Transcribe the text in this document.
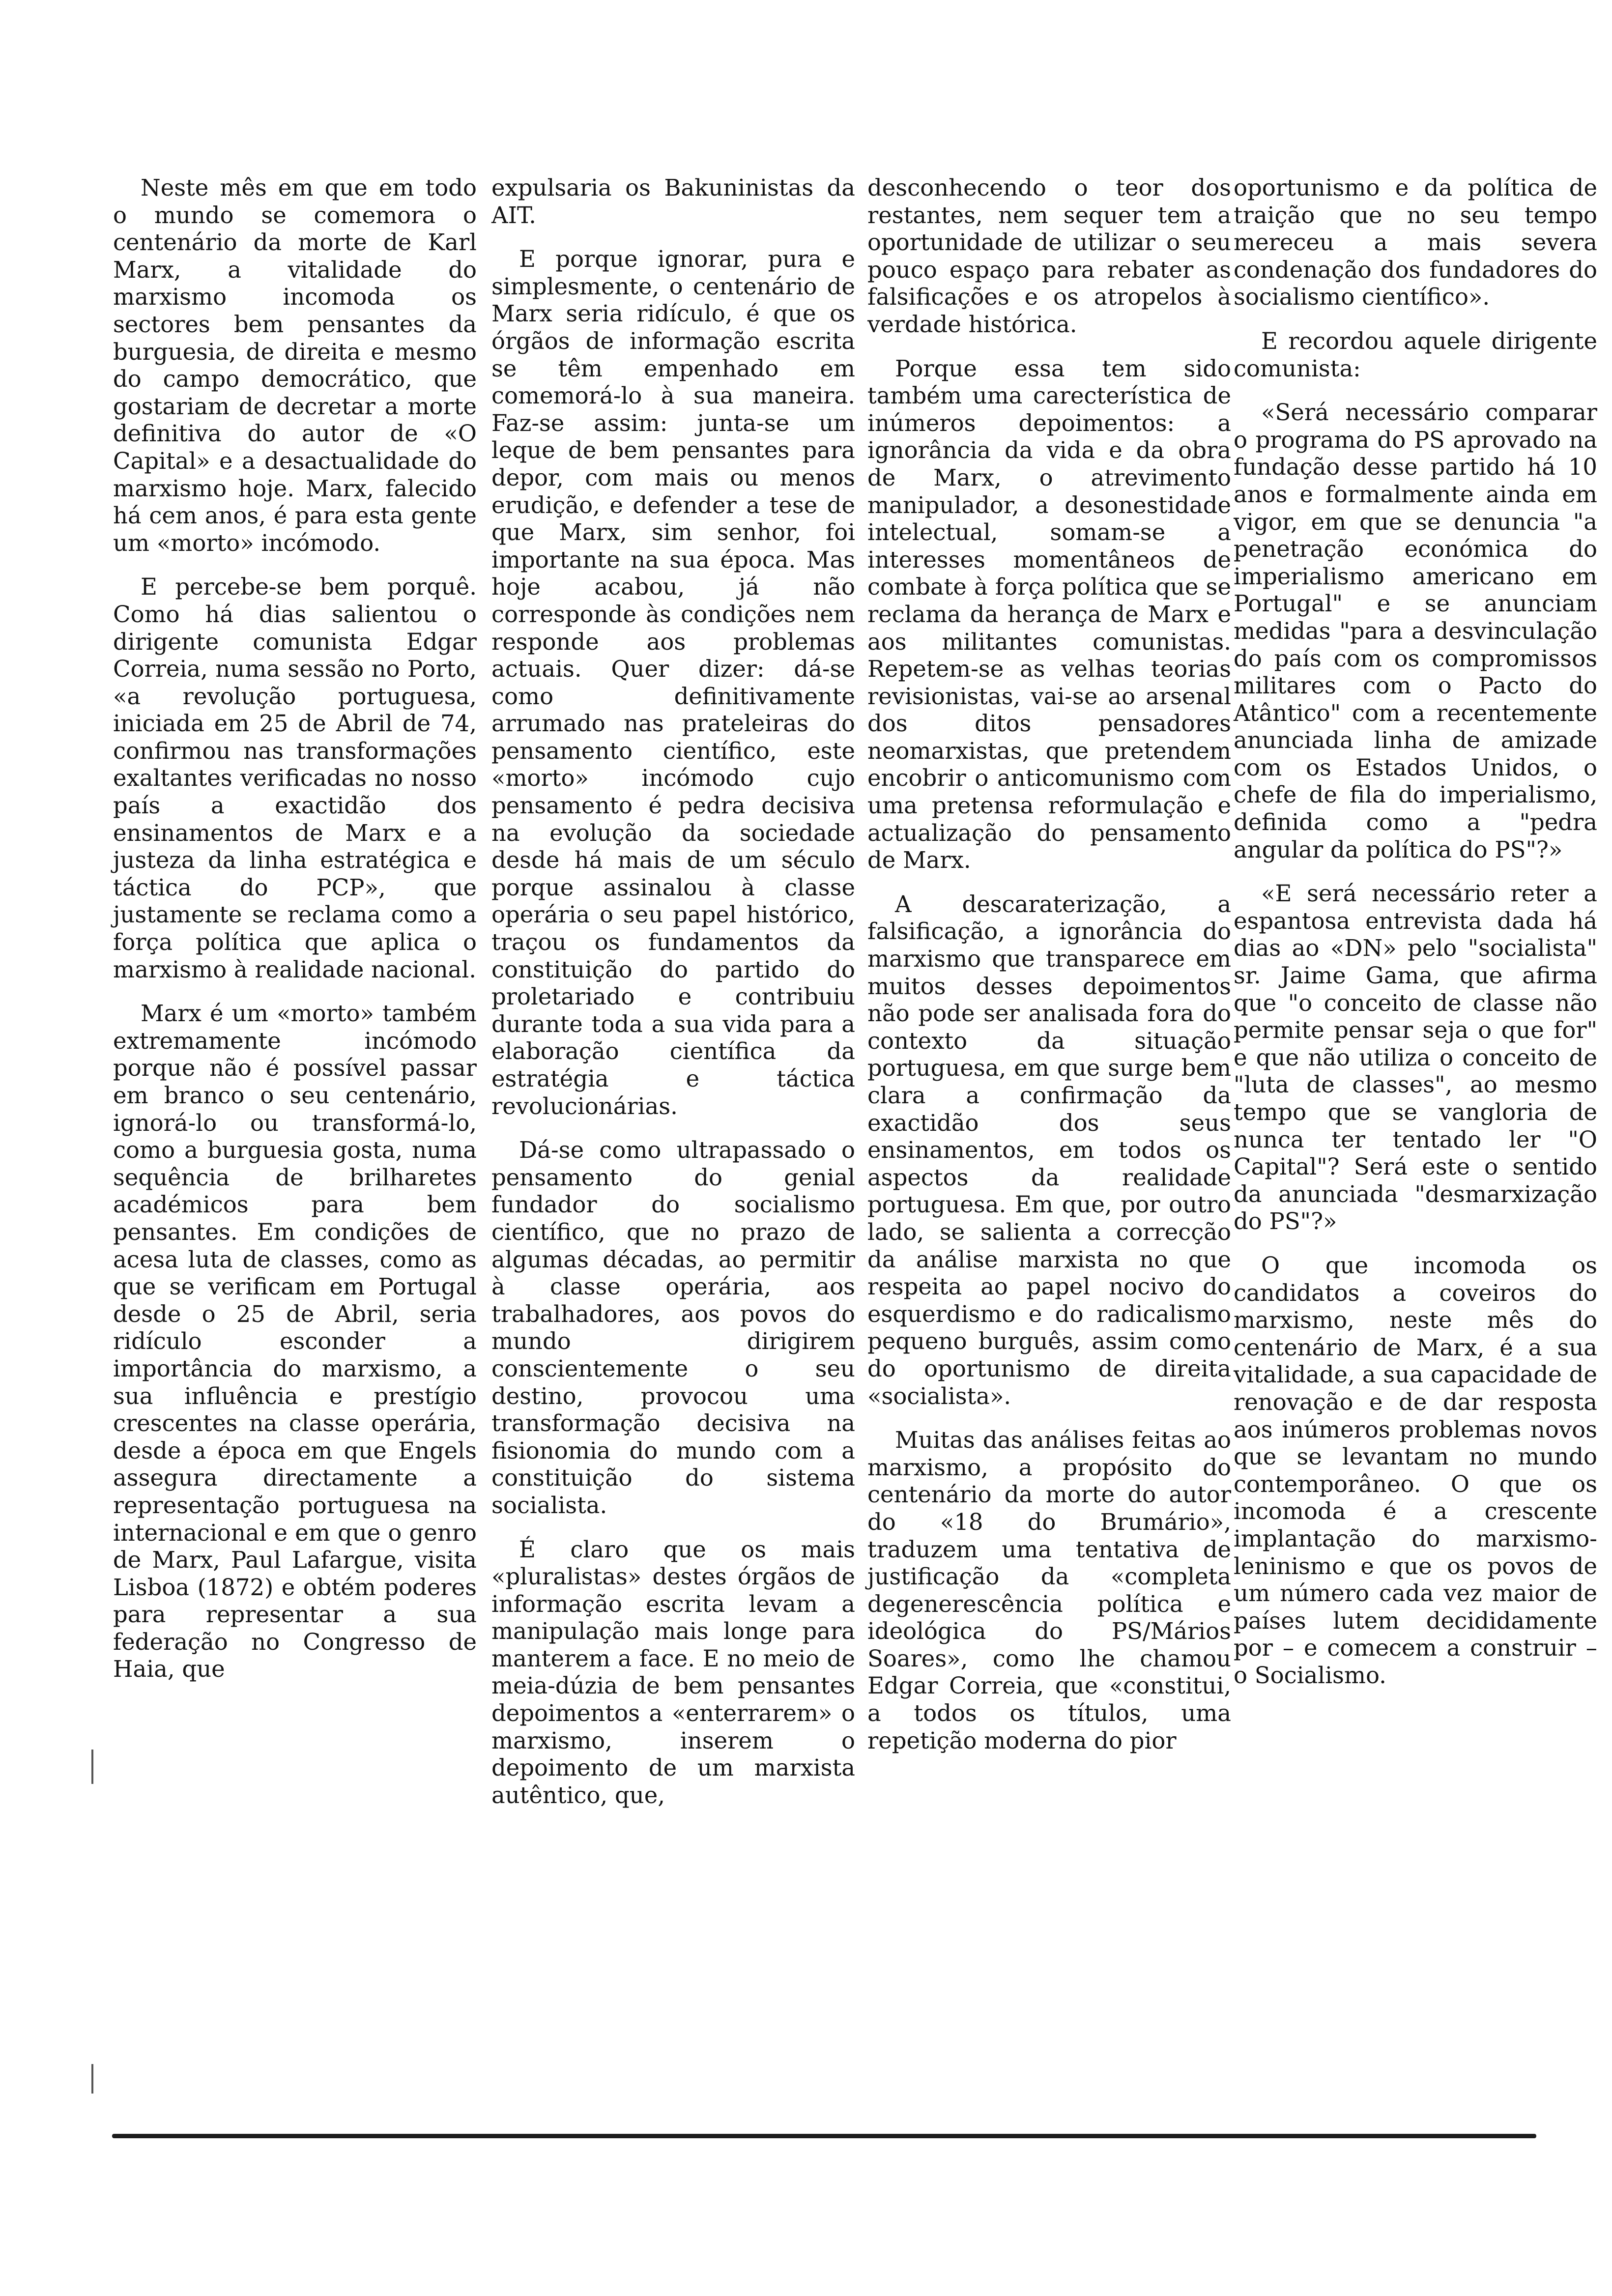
Neste mês em que em todo o mundo se comemora o centenário da morte de Karl Marx, a vitalidade do marxismo incomoda os sectores bem pensantes da burguesia, de direita e mesmo do campo democrático, que gostariam de decretar a morte definitiva do autor de «O Capital» e a desactualidade do marxismo hoje. Marx, falecido há cem anos, é para esta gente um «morto» incómodo.

E percebe-se bem porquê. Como há dias salientou o dirigente comunista Edgar Correia, numa sessão no Porto, «a revolução portuguesa, iniciada em 25 de Abril de 74, confirmou nas transformações exaltantes verificadas no nosso país a exactidão dos ensinamentos de Marx e a justeza da linha estratégica e táctica do PCP», que justamente se reclama como a força política que aplica o marxismo à realidade nacional.

Marx é um «morto» também extremamente incómodo porque não é possível passar em branco o seu centenário, ignorá-lo ou transformá-lo, como a burguesia gosta, numa sequência de brilharetes académicos para bem pensantes. Em condições de acesa luta de classes, como as que se verificam em Portugal desde o 25 de Abril, seria ridículo esconder a importância do marxismo, a sua influência e prestígio crescentes na classe operária, desde a época em que Engels assegura directamente a representação portuguesa na internacional e em que o genro de Marx, Paul Lafargue, visita Lisboa (1872) e obtém poderes para representar a sua federação no Congresso de Haia, que

expulsaria os Bakuninistas da AIT.

E porque ignorar, pura e simplesmente, o centenário de Marx seria ridículo, é que os órgãos de informação escrita se têm empenhado em comemorá-lo à sua maneira. Faz-se assim: junta-se um leque de bem pensantes para depor, com mais ou menos erudição, e defender a tese de que Marx, sim senhor, foi importante na sua época. Mas hoje acabou, já não corresponde às condições nem responde aos problemas actuais. Quer dizer: dá-se como definitivamente arrumado nas prateleiras do pensamento científico, este «morto» incómodo cujo pensamento é pedra decisiva na evolução da sociedade desde há mais de um século porque assinalou à classe operária o seu papel histórico, traçou os fundamentos da constituição do partido do proletariado e contribuiu durante toda a sua vida para a elaboração científica da estratégia e táctica revolucionárias.

Dá-se como ultrapassado o pensamento do genial fundador do socialismo científico, que no prazo de algumas décadas, ao permitir à classe operária, aos trabalhadores, aos povos do mundo dirigirem conscientemente o seu destino, provocou uma transformação decisiva na fisionomia do mundo com a constituição do sistema socialista.

É claro que os mais «pluralistas» destes órgãos de informação escrita levam a manipulação mais longe para manterem a face. E no meio de meia-dúzia de bem pensantes depoimentos a «enterrarem» o marxismo, inserem o depoimento de um marxista autêntico, que,

desconhecendo o teor dos restantes, nem sequer tem a oportunidade de utilizar o seu pouco espaço para rebater as falsificações e os atropelos à verdade histórica.

Porque essa tem sido também uma carecterística de inúmeros depoimentos: a ignorância da vida e da obra de Marx, o atrevimento manipulador, a desonestidade intelectual, somam-se a interesses momentâneos de combate à força política que se reclama da herança de Marx e aos militantes comunistas. Repetem-se as velhas teorias revisionistas, vai-se ao arsenal dos ditos pensadores neomarxistas, que pretendem encobrir o anticomunismo com uma pretensa reformulação e actualização do pensamento de Marx.

A descaraterização, a falsificação, a ignorância do marxismo que transparece em muitos desses depoimentos não pode ser analisada fora do contexto da situação portuguesa, em que surge bem clara a confirmação da exactidão dos seus ensinamentos, em todos os aspectos da realidade portuguesa. Em que, por outro lado, se salienta a correcção da análise marxista no que respeita ao papel nocivo do esquerdismo e do radicalismo pequeno burguês, assim como do oportunismo de direita «socialista».

Muitas das análises feitas ao marxismo, a propósito do centenário da morte do autor do «18 do Brumário», traduzem uma tentativa de justificação da «completa degenerescência política e ideológica do PS/Mários Soares», como lhe chamou Edgar Correia, que «constitui, a todos os títulos, uma repetição moderna do pior

oportunismo e da política de traição que no seu tempo mereceu a mais severa condenação dos fundadores do socialismo científico».

E recordou aquele dirigente comunista:

«Será necessário comparar o programa do PS aprovado na fundação desse partido há 10 anos e formalmente ainda em vigor, em que se denuncia "a penetração económica do imperialismo americano em Portugal" e se anunciam medidas "para a desvinculação do país com os compromissos militares com o Pacto do Atântico" com a recentemente anunciada linha de amizade com os Estados Unidos, o chefe de fila do imperialismo, definida como a "pedra angular da política do PS"?»

«E será necessário reter a espantosa entrevista dada há dias ao «DN» pelo "socialista" sr. Jaime Gama, que afirma que "o conceito de classe não permite pensar seja o que for" e que não utiliza o conceito de "luta de classes", ao mesmo tempo que se vangloria de nunca ter tentado ler "O Capital"? Será este o sentido da anunciada "desmarxização do PS"?»

O que incomoda os candidatos a coveiros do marxismo, neste mês do centenário de Marx, é a sua vitalidade, a sua capacidade de renovação e de dar resposta aos inúmeros problemas novos que se levantam no mundo contemporâneo. O que os incomoda é a crescente implantação do marxismo-leninismo e que os povos de um número cada vez maior de países lutem decididamente por – e comecem a construir – o Socialismo.
